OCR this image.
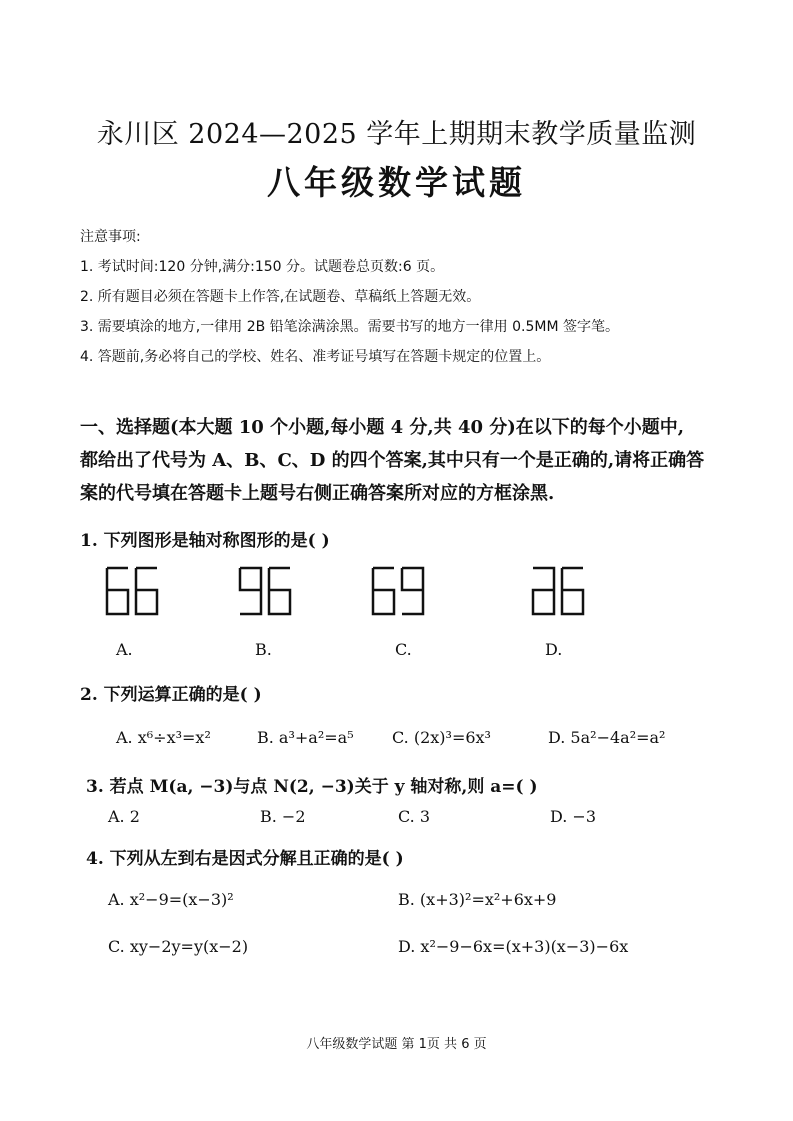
永川区 2024—2025 学年上期期末教学质量监测
八年级数学试题
注意事项:
1. 考试时间:120 分钟,满分:150 分。试题卷总页数:6 页。
2. 所有题目必须在答题卡上作答,在试题卷、草稿纸上答题无效。
3. 需要填涂的地方,一律用 2B 铅笔涂满涂黑。需要书写的地方一律用 0.5MM 签字笔。
4. 答题前,务必将自己的学校、姓名、准考证号填写在答题卡规定的位置上。
一、选择题(本大题 10 个小题,每小题 4 分,共 40 分)在以下的每个小题中,
都给出了代号为 A、B、C、D 的四个答案,其中只有一个是正确的,请将正确答
案的代号填在答题卡上题号右侧正确答案所对应的方框涂黑.
1. 下列图形是轴对称图形的是( )
A.	B.	C.	D.
2. 下列运算正确的是( )
A. x⁶÷x³=x²	B. a³+a²=a⁵ C. (2x)³=6x³	D. 5a²−4a²=a²
3. 若点 M(a, −3)与点 N(2, −3)关于 y 轴对称,则 a=( )
A. 2	B. −2	C. 3	D. −3
4. 下列从左到右是因式分解且正确的是( )
A. x²−9=(x−3)²	B. (x+3)²=x²+6x+9
C. xy−2y=y(x−2)	D. x²−9−6x=(x+3)(x−3)−6x
八年级数学试题 第 1页 共 6 页
